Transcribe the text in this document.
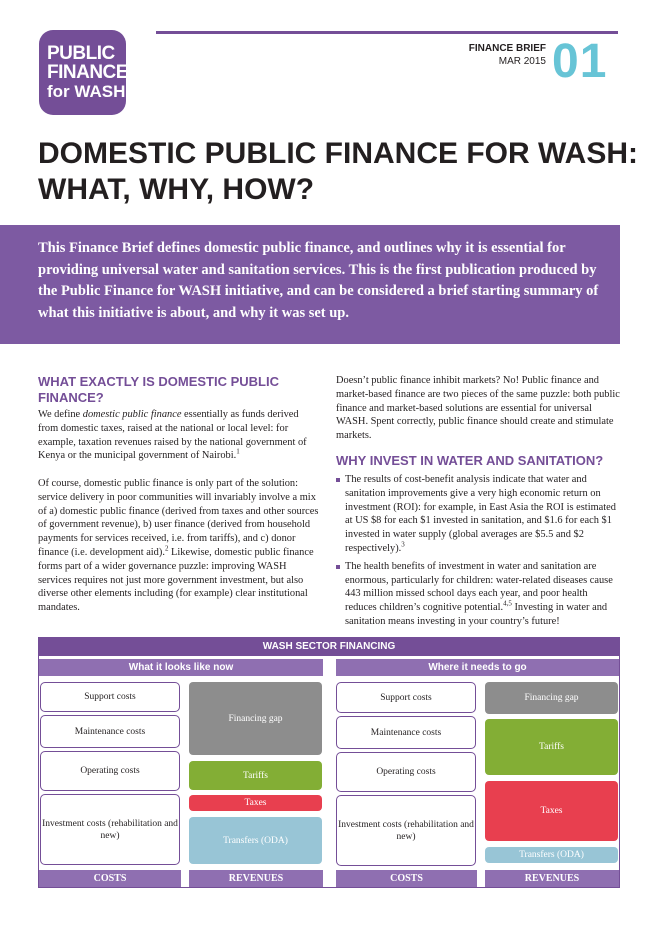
PUBLIC
FINANCE
for WASH
FINANCE BRIEF
MAR 2015 01
DOMESTIC PUBLIC FINANCE FOR WASH:
WHAT, WHY, HOW?

This Finance Brief defines domestic public finance, and outlines why it is essential for providing universal water and sanitation services. This is the first publication produced by the Public Finance for WASH initiative, and can be considered a brief starting summary of what this initiative is about, and why it was set up.

WHAT EXACTLY IS DOMESTIC PUBLIC FINANCE?

We define domestic public finance essentially as funds derived from domestic taxes, raised at the national or local level: for example, taxation revenues raised by the national government of Kenya or the municipal government of Nairobi.$^1$

Of course, domestic public finance is only part of the solution: service delivery in poor communities will invariably involve a mix of a) domestic public finance (derived from taxes and other sources of government revenue), b) user finance (derived from household payments for services received, i.e. from tariffs), and c) donor finance (i.e. development aid).$^2$ Likewise, domestic public finance forms part of a wider governance puzzle: improving WASH services requires not just more government investment, but also diverse other elements including (for example) clear institutional mandates.

Doesn’t public finance inhibit markets? No! Public finance and market-based finance are two pieces of the same puzzle: both public finance and market-based solutions are essential for universal WASH. Spent correctly, public finance should create and stimulate markets.

WHY INVEST IN WATER AND SANITATION?
The results of cost-benefit analysis indicate that water and sanitation improvements give a very high economic return on investment (ROI): for example, in East Asia the ROI is estimated at US $8 for each $1 invested in sanitation, and $1.6 for each $1 invested in water supply (global averages are $5.5 and $2 respectively).$^3$
The health benefits of investment in water and sanitation are enormous, particularly for children: water-related diseases cause 443 million missed school days each year, and poor health reduces children’s cognitive potential.$^{4,5}$ Investing in water and sanitation means investing in your country’s future!
WASH SECTOR FINANCING
What it looks like now
Support costs
Maintenance costs
Operating costs
Investment costs (rehabilitation and new)
Financing gap
Tariffs
Taxes
Transfers (ODA)
COSTS	REVENUES
Where it needs to go
Support costs
Maintenance costs
Operating costs
Investment costs (rehabilitation and new)
Financing gap
Tariffs
Taxes
Transfers (ODA)
COSTS	REVENUES
